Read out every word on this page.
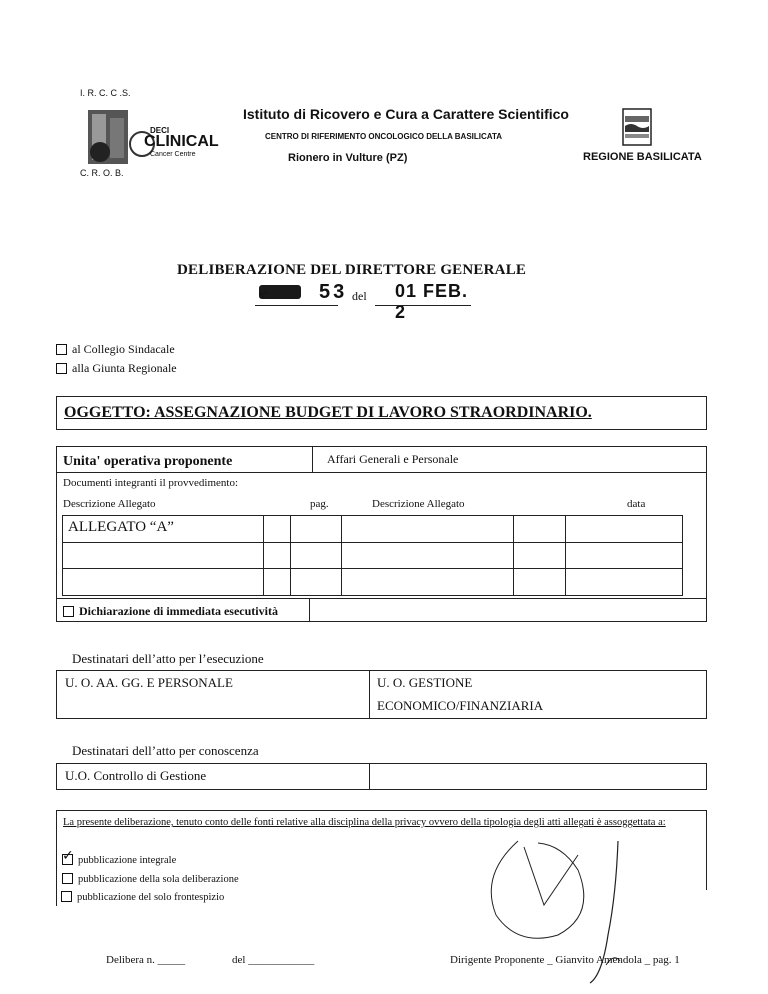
I. R. C. C .S.
DECI
CLINICAL
Cancer Centre
C. R. O. B.
Istituto di Ricovero e Cura a Carattere Scientifico
CENTRO DI RIFERIMENTO ONCOLOGICO DELLA BASILICATA
Rionero in Vulture (PZ)	REGIONE BASILICATA
DELIBERAZIONE DEL DIRETTORE GENERALE
n°	53 del 01 FEB. 2
al Collegio Sindacale
alla Giunta Regionale
OGGETTO: ASSEGNAZIONE BUDGET DI LAVORO STRAORDINARIO.
Unita' operativa proponente	Affari Generali e Personale
Documenti integranti il provvedimento:
Descrizione Allegato	pag.	Descrizione Allegato	data
ALLEGATO “A”
Dichiarazione di immediata esecutività
Destinatari dell’atto per l’esecuzione
U. O. AA. GG. E PERSONALE	U. O. GESTIONE
ECONOMICO/FINANZIARIA
Destinatari dell’atto per conoscenza
U.O. Controllo di Gestione
La presente deliberazione, tenuto conto delle fonti relative alla disciplina della privacy ovvero della tipologia degli atti allegati è assoggettata a:
✓pubblicazione integrale
pubblicazione della sola deliberazione
pubblicazione del solo frontespizio
Delibera n. _____	del ____________	Dirigente Proponente _ Gianvito Amendola _ pag. 1
